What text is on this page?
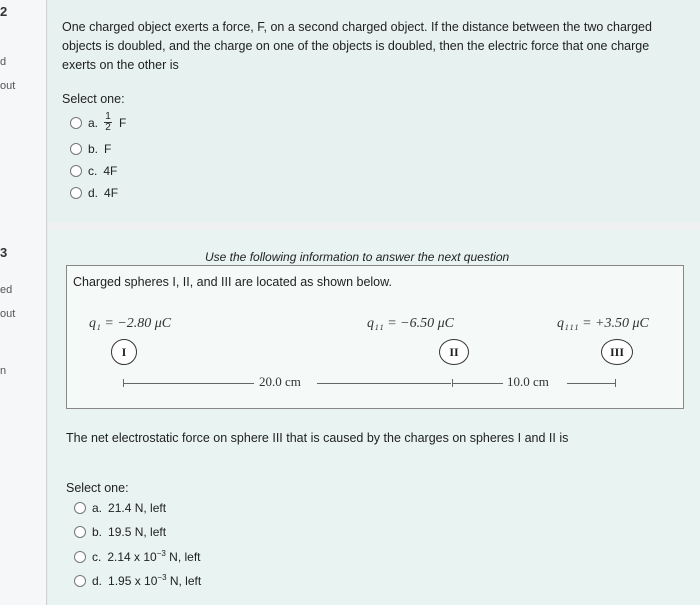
2
d
out
3
ed
out
n
One charged object exerts a force, F, on a second charged object. If the distance between the two charged objects is doubled, and the charge on one of the objects is doubled, then the electric force that one charge exerts on the other is
Select one:
a. $\frac{1}{2}$ F
b. F
c. 4F
d. 4F
Use the following information to answer the next question
Charged spheres I, II, and III are located as shown below.
q₁ = −2.80 μC	q₁₁ = −6.50 μC	q₁₁₁ = +3.50 μC
I	II	III
20.0 cm	10.0 cm
The net electrostatic force on sphere III that is caused by the charges on spheres I and II is
Select one:
a. 21.4 N, left
b. 19.5 N, left
c. 2.14 x $10^{-3}$ N, left
d. 1.95 x $10^{-3}$ N, left
